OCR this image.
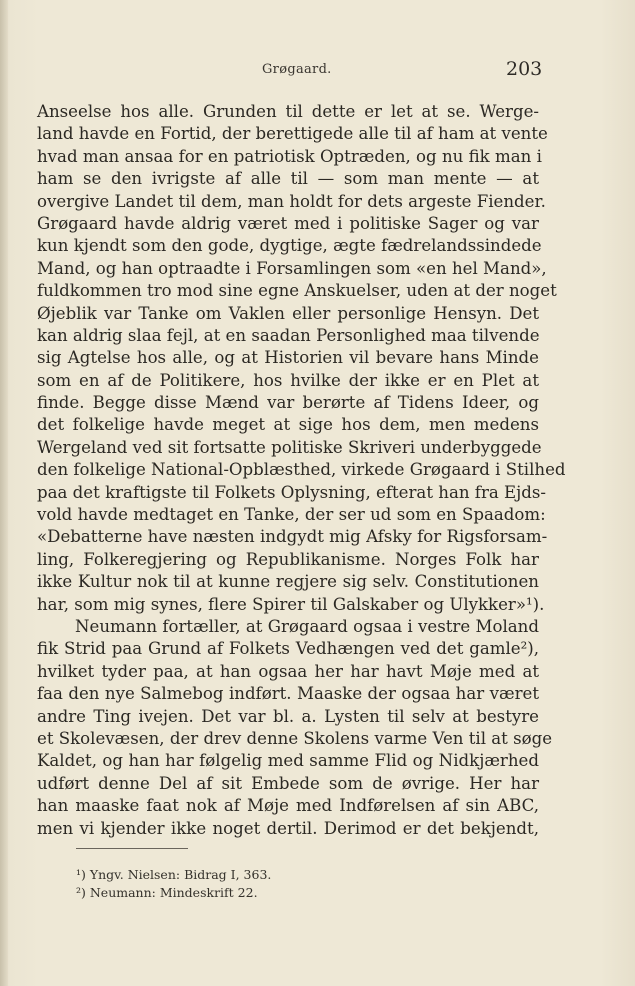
Grøgaard.	203
Anseelse hos alle. Grunden til dette er let at se. Werge-
land havde en Fortid, der berettigede alle til af ham at vente
hvad man ansaa for en patriotisk Optræden, og nu fik man i
ham se den ivrigste af alle til — som man mente — at
overgive Landet til dem, man holdt for dets argeste Fiender.
Grøgaard havde aldrig været med i politiske Sager og var
kun kjendt som den gode, dygtige, ægte fædrelandssindede
Mand, og han optraadte i Forsamlingen som «en hel Mand»,
fuldkommen tro mod sine egne Anskuelser, uden at der noget
Øjeblik var Tanke om Vaklen eller personlige Hensyn. Det
kan aldrig slaa fejl, at en saadan Personlighed maa tilvende
sig Agtelse hos alle, og at Historien vil bevare hans Minde
som en af de Politikere, hos hvilke der ikke er en Plet at
finde. Begge disse Mænd var berørte af Tidens Ideer, og
det folkelige havde meget at sige hos dem, men medens
Wergeland ved sit fortsatte politiske Skriveri underbyggede
den folkelige National-Opblæsthed, virkede Grøgaard i Stilhed
paa det kraftigste til Folkets Oplysning, efterat han fra Ejds-
vold havde medtaget en Tanke, der ser ud som en Spaadom:
«Debatterne have næsten indgydt mig Afsky for Rigsforsam-
ling, Folkeregjering og Republikanisme. Norges Folk har
ikke Kultur nok til at kunne regjere sig selv. Constitutionen
har, som mig synes, flere Spirer til Galskaber og Ulykker»¹).
Neumann fortæller, at Grøgaard ogsaa i vestre Moland
fik Strid paa Grund af Folkets Vedhængen ved det gamle²),
hvilket tyder paa, at han ogsaa her har havt Møje med at
faa den nye Salmebog indført. Maaske der ogsaa har været
andre Ting ivejen. Det var bl. a. Lysten til selv at bestyre
et Skolevæsen, der drev denne Skolens varme Ven til at søge
Kaldet, og han har følgelig med samme Flid og Nidkjærhed
udført denne Del af sit Embede som de øvrige. Her har
han maaske faat nok af Møje med Indførelsen af sin ABC,
men vi kjender ikke noget dertil. Derimod er det bekjendt,
¹) Yngv. Nielsen: Bidrag I, 363.
²) Neumann: Mindeskrift 22.
